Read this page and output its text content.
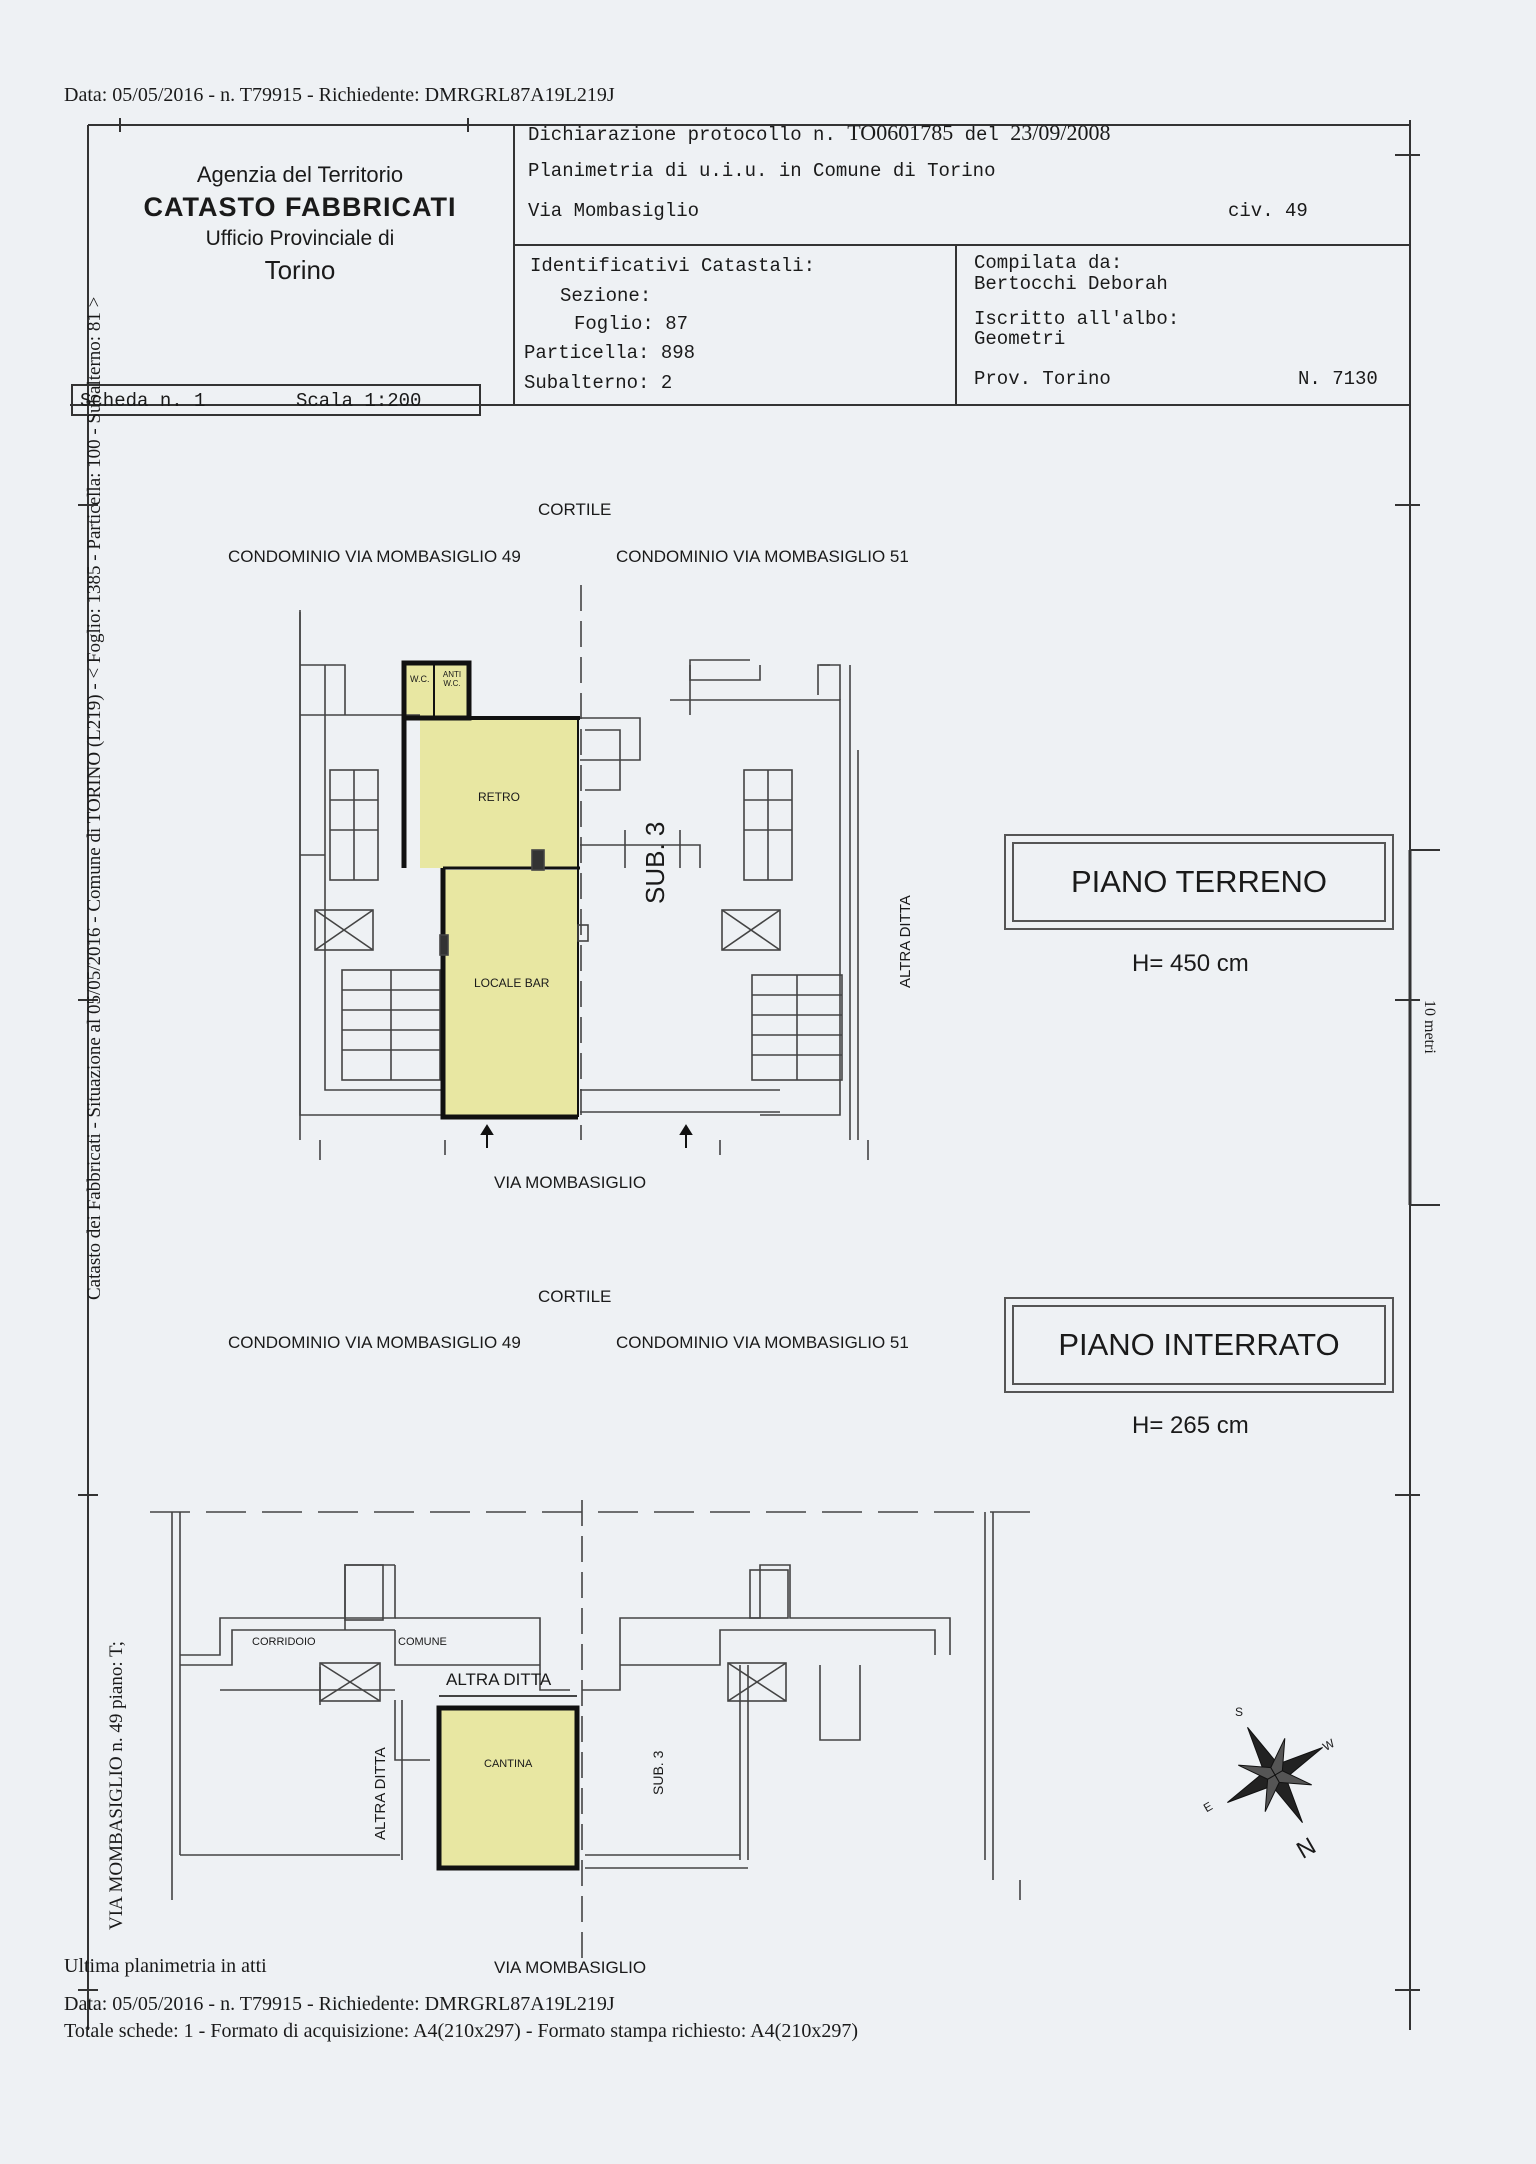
Data: 05/05/2016 - n. T79915 - Richiedente: DMRGRL87A19L219J
Agenzia del Territorio
CATASTO FABBRICATI
Ufficio Provinciale di
Torino
Dichiarazione protocollo n. TO0601785 del 23/09/2008
Planimetria di u.i.u. in Comune di Torino
Via Mombasiglio	civ. 49
Identificativi Catastali:
Sezione:
Foglio: 87
Particella: 898
Subalterno: 2
Compilata da:
Bertocchi Deborah
Iscritto all'albo:
Geometri
Prov. Torino	N. 7130
Scheda n. 1	Scala 1:200
Catasto dei Fabbricati - Situazione al 05/05/2016 - Comune di TORINO (L219) - < Foglio: 1385 - Particella: 100 - Subalterno: 81 >
VIA MOMBASIGLIO n. 49 piano: T;
10 metri
CORTILE
CONDOMINIO VIA MOMBASIGLIO 49	CONDOMINIO VIA MOMBASIGLIO 51
W.C.	ANTI W.C.
RETRO
LOCALE BAR
SUB. 3
ALTRA DITTA
VIA MOMBASIGLIO
PIANO TERRENO
H= 450 cm
CORTILE
CONDOMINIO VIA MOMBASIGLIO 49	CONDOMINIO VIA MOMBASIGLIO 51
CORRIDOIO	COMUNE
ALTRA DITTA
ALTRA DITTA	CANTINA	SUB. 3
VIA MOMBASIGLIO
PIANO INTERRATO
H= 265 cm
S
W
E
N
Ultima planimetria in atti
Data: 05/05/2016 - n. T79915 - Richiedente: DMRGRL87A19L219J
Totale schede: 1 - Formato di acquisizione: A4(210x297) - Formato stampa richiesto: A4(210x297)
